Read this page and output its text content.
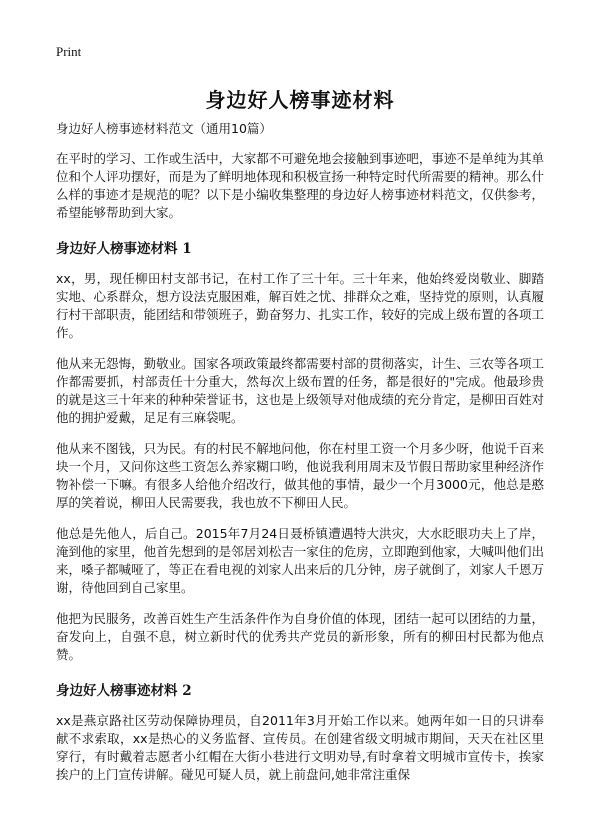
Print
身边好人榜事迹材料
身边好人榜事迹材料范文（通用10篇）

在平时的学习、工作或生活中，大家都不可避免地会接触到事迹吧，事迹不是单纯为其单位和个人评功摆好，而是为了鲜明地体现和积极宣扬一种特定时代所需要的精神。那么什么样的事迹才是规范的呢？以下是小编收集整理的身边好人榜事迹材料范文，仅供参考，希望能够帮助到大家。

身边好人榜事迹材料 1

xx，男，现任柳田村支部书记，在村工作了三十年。三十年来，他始终爱岗敬业、脚踏实地、心系群众，想方设法克服困难，解百姓之忧、排群众之难，坚持党的原则，认真履行村干部职责，能团结和带领班子，勤奋努力、扎实工作，较好的完成上级布置的各项工作。

他从来无怨悔，勤敬业。国家各项政策最终都需要村部的贯彻落实，计生、三农等各项工作都需要抓，村部责任十分重大，然每次上级布置的任务，都是很好的"完成。他最珍贵的就是这三十年来的种种荣誉证书，这也是上级领导对他成绩的充分肯定，是柳田百姓对他的拥护爱戴，足足有三麻袋呢。

他从来不图钱，只为民。有的村民不解地问他，你在村里工资一个月多少呀，他说千百来块一个月，又问你这些工资怎么养家糊口哟，他说我利用周末及节假日帮助家里种经济作物补偿一下嘛。有很多人给他介绍改行，做其他的事情，最少一个月3000元，他总是憨厚的笑着说，柳田人民需要我，我也放不下柳田人民。

他总是先他人，后自己。2015年7月24日聂桥镇遭遇特大洪灾，大水眨眼功夫上了岸，淹到他的家里，他首先想到的是邻居刘松吉一家住的危房，立即跑到他家，大喊叫他们出来，嗓子都喊哑了，等正在看电视的刘家人出来后的几分钟，房子就倒了，刘家人千恩万谢，待他回到自己家里。

他把为民服务，改善百姓生产生活条件作为自身价值的体现，团结一起可以团结的力量，奋发向上，自强不息，树立新时代的优秀共产党员的新形象，所有的柳田村民都为他点赞。

身边好人榜事迹材料 2

xx是燕京路社区劳动保障协理员，自2011年3月开始工作以来。她两年如一日的只讲奉献不求索取，xx是热心的义务监督、宣传员。在创建省级文明城市期间，天天在社区里穿行，有时戴着志愿者小红帽在大街小巷进行文明劝导,有时拿着文明城市宣传卡，挨家挨户的上门宣传讲解。碰见可疑人员，就上前盘问,她非常注重保
